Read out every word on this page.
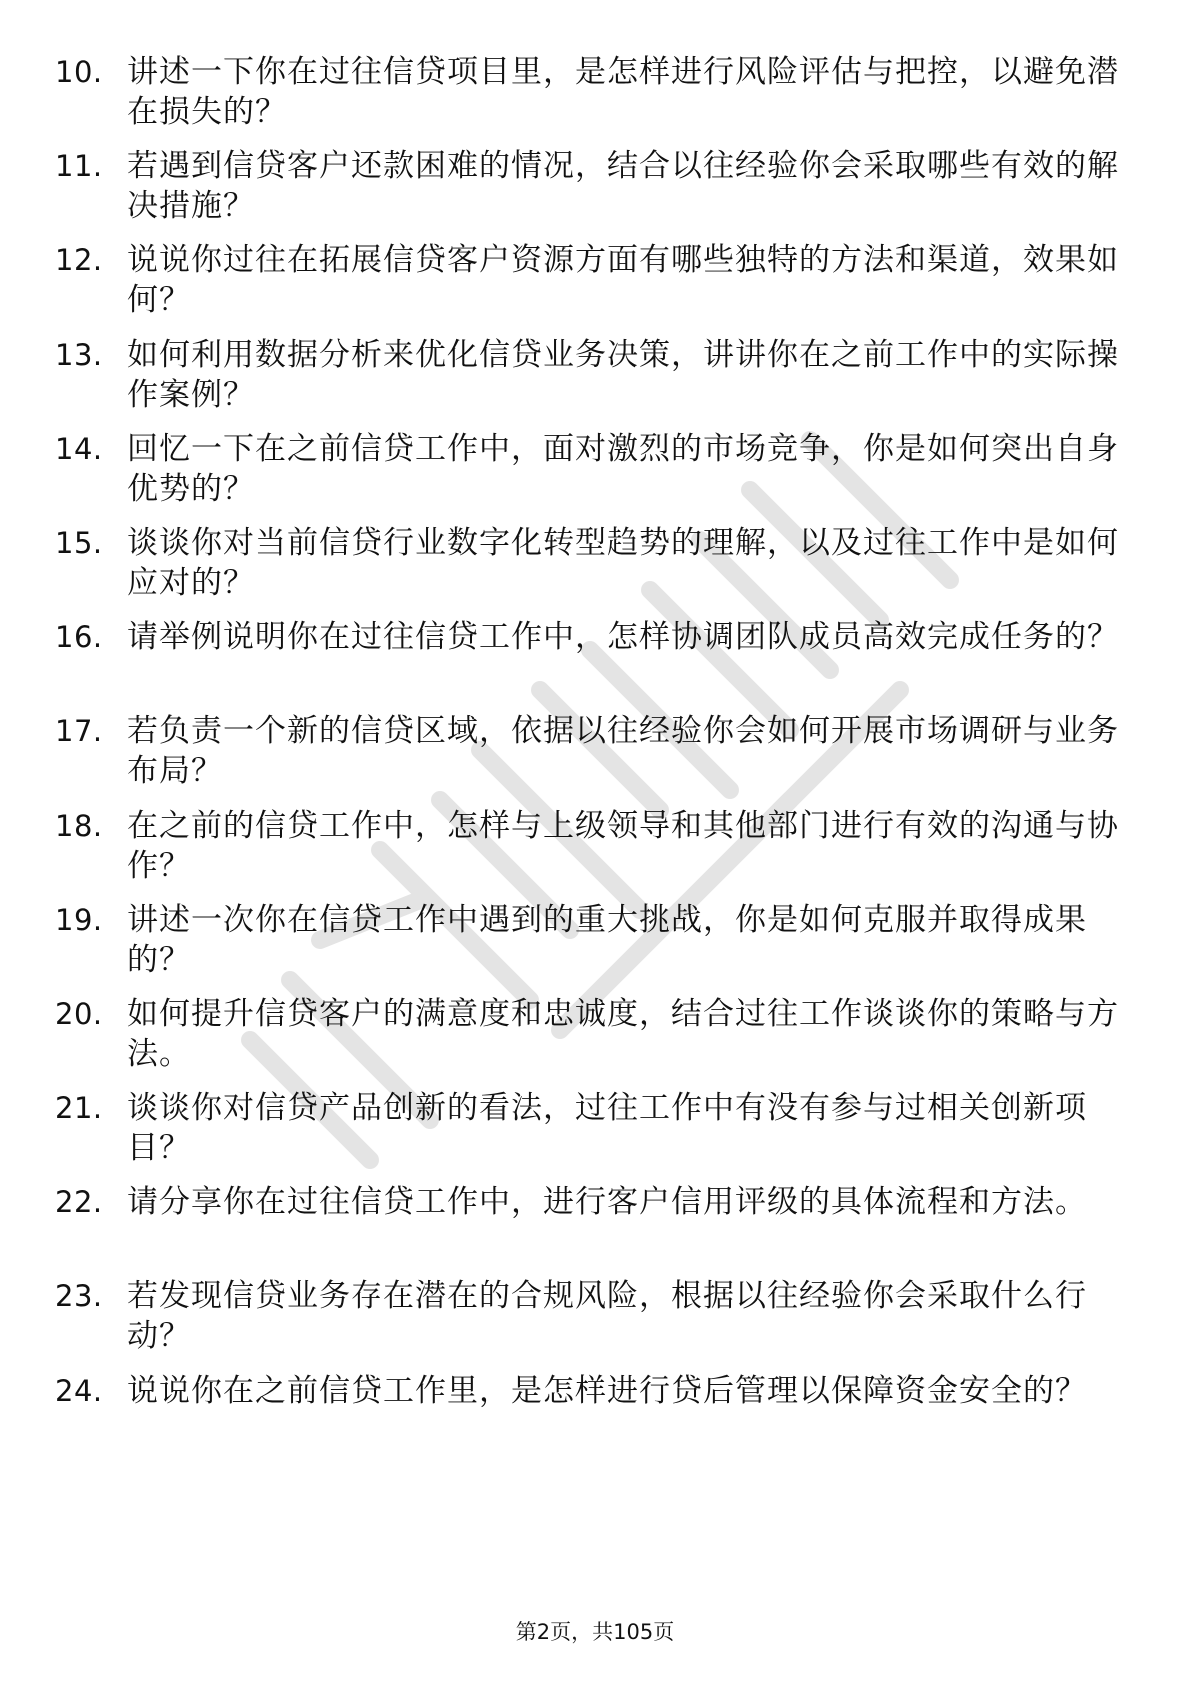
10. 讲述一下你在过往信贷项目里，是怎样进行风险评估与把控，以避免潜在损失的？
11. 若遇到信贷客户还款困难的情况，结合以往经验你会采取哪些有效的解决措施？
12. 说说你过往在拓展信贷客户资源方面有哪些独特的方法和渠道，效果如何？
13. 如何利用数据分析来优化信贷业务决策，讲讲你在之前工作中的实际操作案例？
14. 回忆一下在之前信贷工作中，面对激烈的市场竞争，你是如何突出自身优势的？
15. 谈谈你对当前信贷行业数字化转型趋势的理解，以及过往工作中是如何应对的？
16. 请举例说明你在过往信贷工作中，怎样协调团队成员高效完成任务的？
17. 若负责一个新的信贷区域，依据以往经验你会如何开展市场调研与业务布局？
18. 在之前的信贷工作中，怎样与上级领导和其他部门进行有效的沟通与协作？
19. 讲述一次你在信贷工作中遇到的重大挑战，你是如何克服并取得成果的？
20. 如何提升信贷客户的满意度和忠诚度，结合过往工作谈谈你的策略与方法。
21. 谈谈你对信贷产品创新的看法，过往工作中有没有参与过相关创新项目？
22. 请分享你在过往信贷工作中，进行客户信用评级的具体流程和方法。
23. 若发现信贷业务存在潜在的合规风险，根据以往经验你会采取什么行动？
24. 说说你在之前信贷工作里，是怎样进行贷后管理以保障资金安全的？
第2页，共105页
